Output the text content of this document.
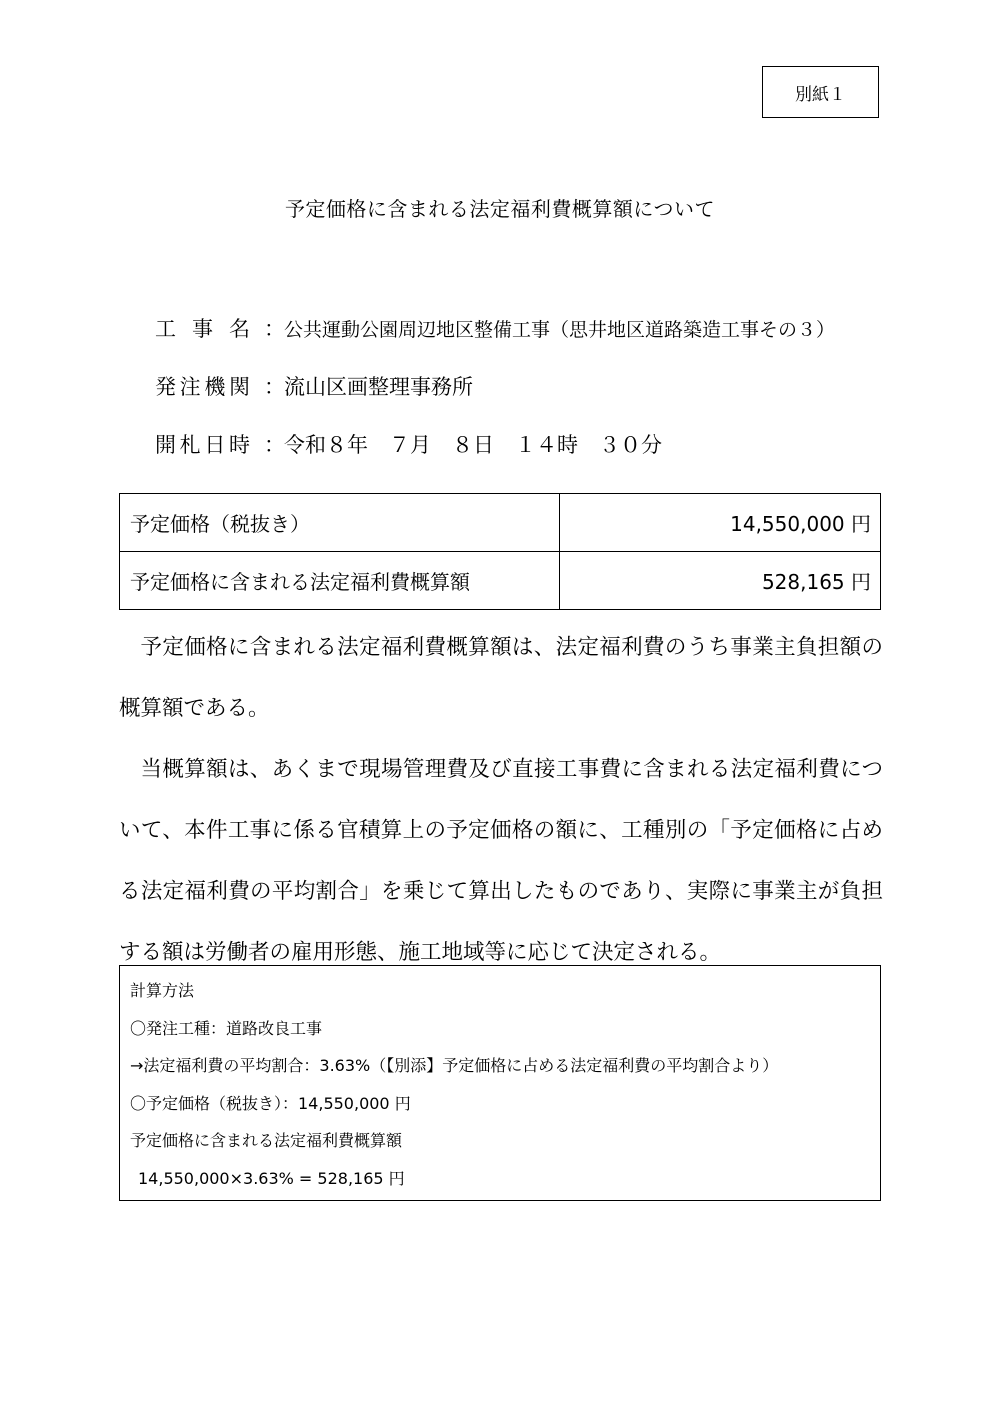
別紙１
予定価格に含まれる法定福利費概算額について
工 事 名 ： 公共運動公園周辺地区整備工事（思井地区道路築造工事その３）
発注機関 ： 流山区画整理事務所
開札日時 ： 令和８年　７月　８日　１４時　３０分
予定価格（税抜き）	14,550,000 円
予定価格に含まれる法定福利費概算額	528,165 円

予定価格に含まれる法定福利費概算額は、法定福利費のうち事業主負担額の概算額である。

当概算額は、あくまで現場管理費及び直接工事費に含まれる法定福利費について、本件工事に係る官積算上の予定価格の額に、工種別の「予定価格に占める法定福利費の平均割合」を乗じて算出したものであり、実際に事業主が負担する額は労働者の雇用形態、施工地域等に応じて決定される。

計算方法
〇発注工種：道路改良工事
→法定福利費の平均割合：3.63%（【別添】予定価格に占める法定福利費の平均割合より）
〇予定価格（税抜き）：14,550,000 円
予定価格に含まれる法定福利費概算額
14,550,000×3.63% = 528,165 円
